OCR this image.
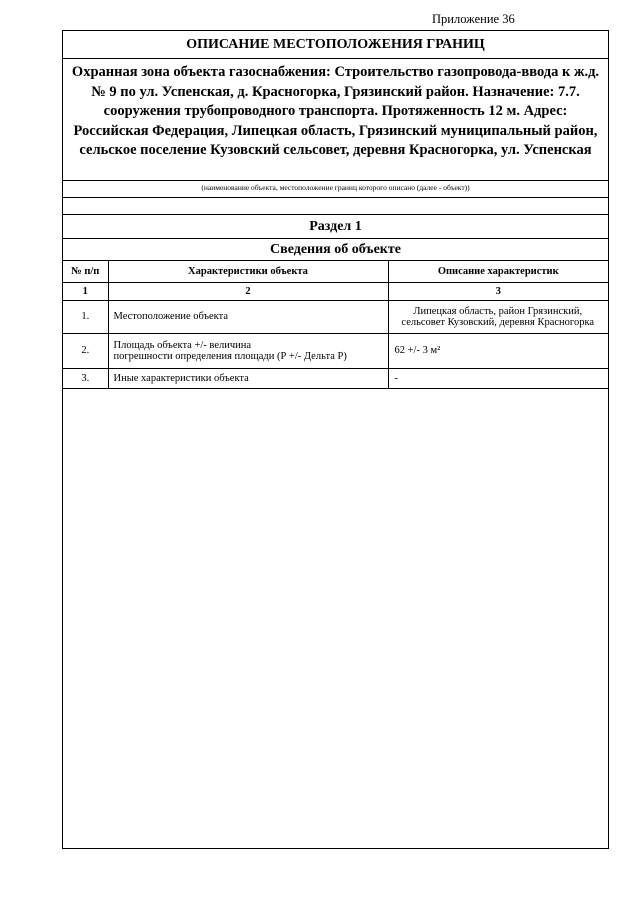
Приложение 36
ОПИСАНИЕ МЕСТОПОЛОЖЕНИЯ ГРАНИЦ
Охранная зона объекта газоснабжения: Строительство газопровода-ввода к ж.д.
№ 9 по ул. Успенская, д. Красногорка, Грязинский район. Назначение: 7.7.
сооружения трубопроводного транспорта. Протяженность 12 м. Адрес:
Российская Федерация, Липецкая область, Грязинский муниципальный район,
сельское поселение Кузовский сельсовет, деревня Красногорка, ул. Успенская
(наименование объекта, местоположение границ которого описано (далее - объект))
Раздел 1
Сведения об объекте
№ п/п	Характеристики объекта	Описание характеристик
1	2	3
1.	Местоположение объекта	Липецкая область, район Грязинский,
сельсовет Кузовский, деревня Красногорка

2.	Площадь объекта +/- величина
погрешности определения площади (Р +/- Дельта Р)	62 +/- 3 м²
3.	Иные характеристики объекта	-
